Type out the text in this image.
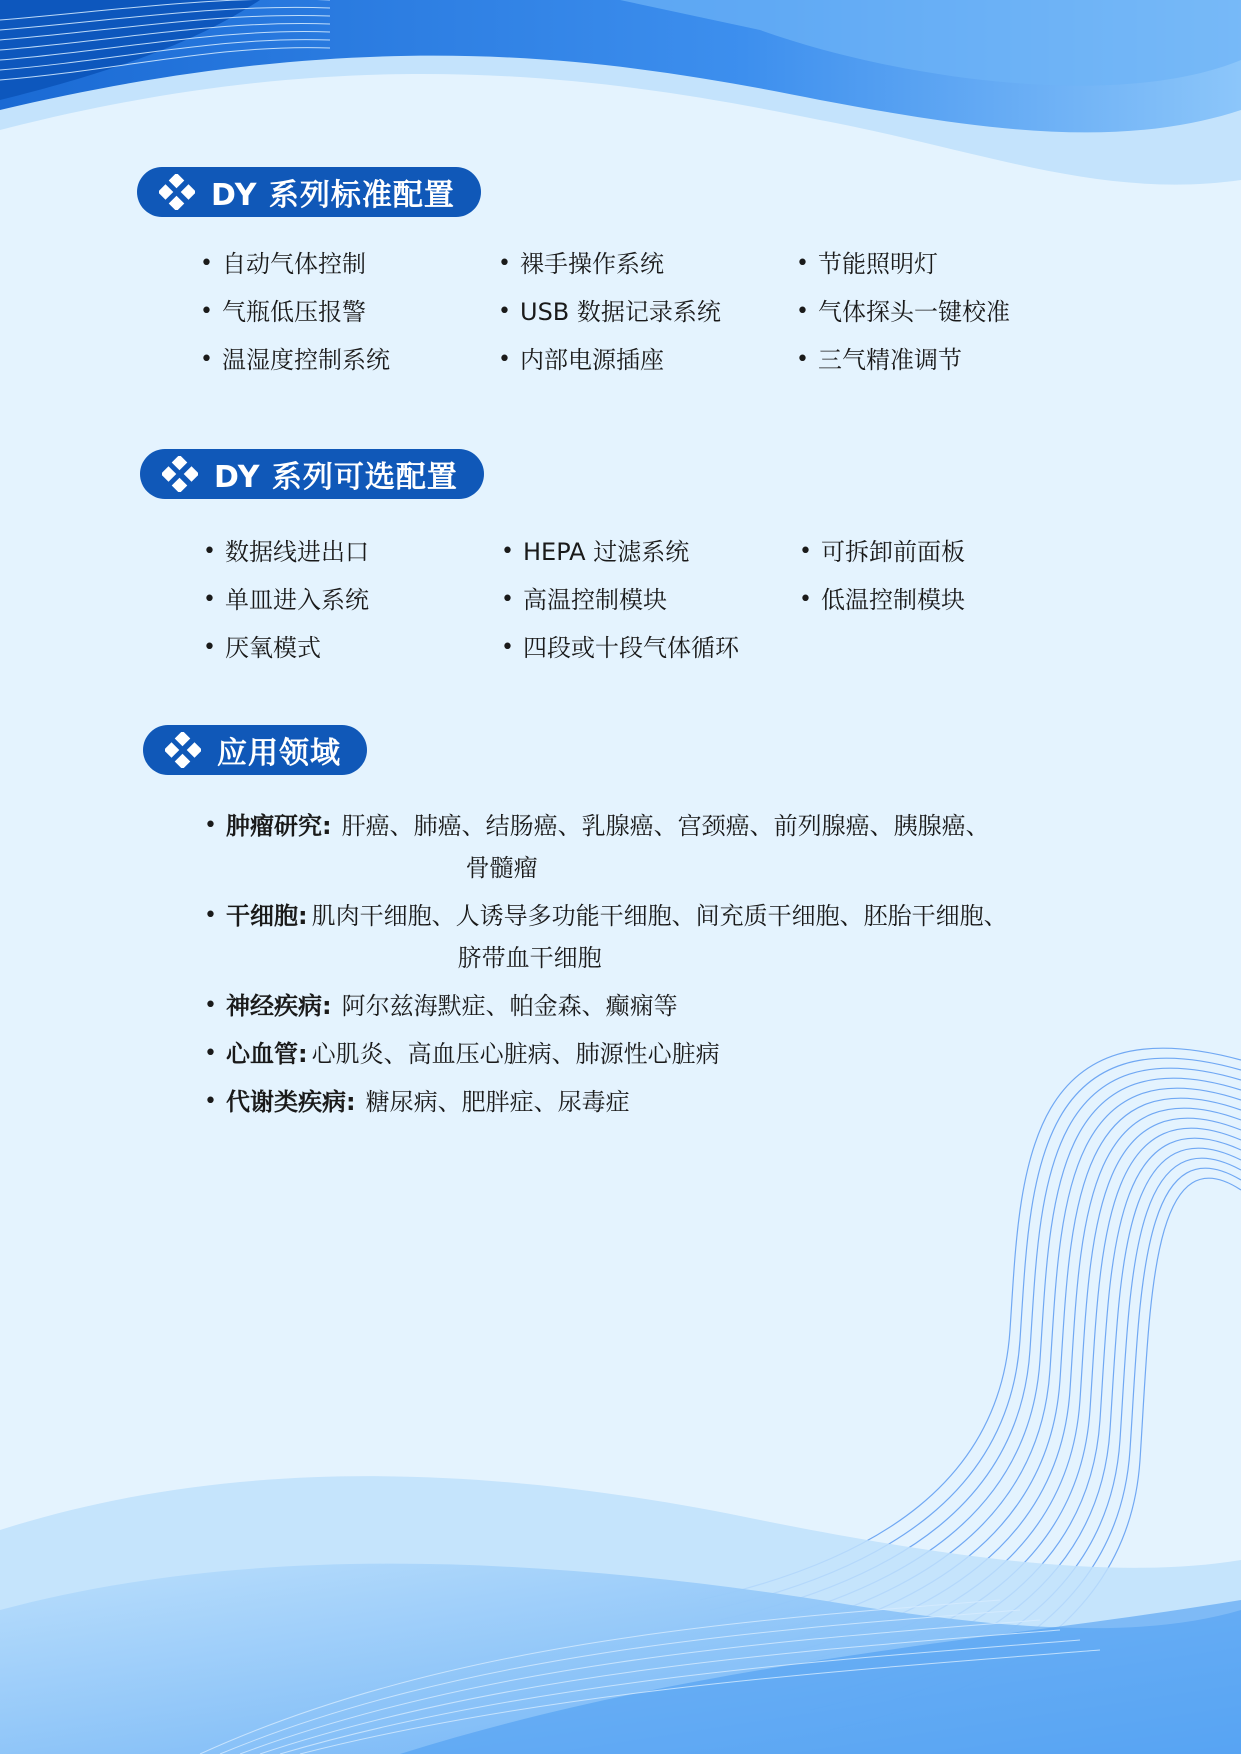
DY 系列标准配置
• 自动气体控制	• 裸手操作系统	• 节能照明灯
• 气瓶低压报警	• USB 数据记录系统	• 气体探头一键校准
• 温湿度控制系统	• 内部电源插座	• 三气精准调节
DY 系列可选配置
• 数据线进出口	• HEPA 过滤系统	• 可拆卸前面板
• 单皿进入系统	• 高温控制模块	• 低温控制模块
• 厌氧模式	• 四段或十段气体循环
应用领域
• 肿瘤研究: 肝癌、肺癌、结肠癌、乳腺癌、宫颈癌、前列腺癌、胰腺癌、
骨髓瘤
• 干细胞: 肌肉干细胞、人诱导多功能干细胞、间充质干细胞、胚胎干细胞、
脐带血干细胞
• 神经疾病: 阿尔兹海默症、帕金森、癫痫等
• 心血管: 心肌炎、高血压心脏病、肺源性心脏病
• 代谢类疾病: 糖尿病、肥胖症、尿毒症
